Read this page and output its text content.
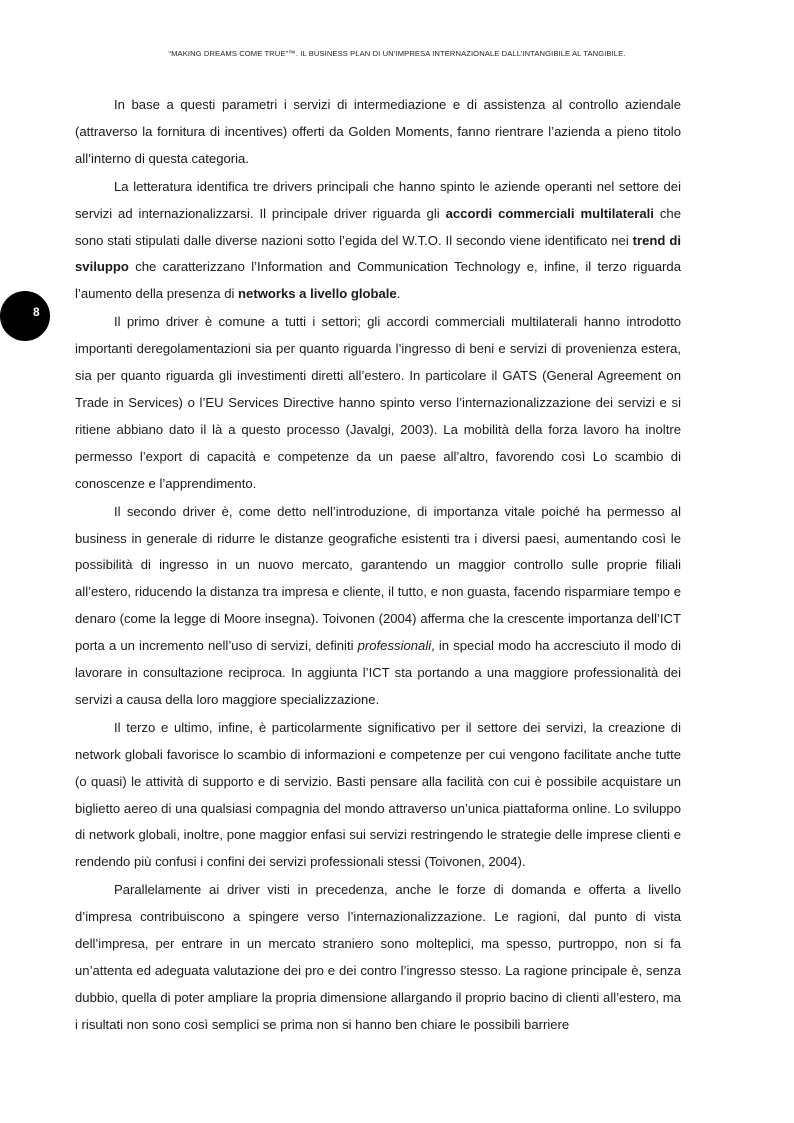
“MAKING DREAMS COME TRUE”™. IL BUSINESS PLAN DI UN’IMPRESA INTERNAZIONALE DALL’INTANGIBILE AL TANGIBILE.
8

In base a questi parametri i servizi di intermediazione e di assistenza al controllo aziendale (attraverso la fornitura di incentives) offerti da Golden Moments, fanno rientrare l’azienda a pieno titolo all’interno di questa categoria.

La letteratura identifica tre drivers principali che hanno spinto le aziende operanti nel settore dei servizi ad internazionalizzarsi. Il principale driver riguarda gli accordi commerciali multilaterali che sono stati stipulati dalle diverse nazioni sotto l’egida del W.T.O. Il secondo viene identificato nei trend di sviluppo che caratterizzano l’Information and Communication Technology e, infine, il terzo riguarda l’aumento della presenza di networks a livello globale.

Il primo driver è comune a tutti i settori; gli accordi commerciali multilaterali hanno introdotto importanti deregolamentazioni sia per quanto riguarda l’ingresso di beni e servizi di provenienza estera, sia per quanto riguarda gli investimenti diretti all’estero. In particolare il GATS (General Agreement on Trade in Services) o l’EU Services Directive hanno spinto verso l’internazionalizzazione dei servizi e si ritiene abbiano dato il là a questo processo (Javalgi, 2003). La mobilità della forza lavoro ha inoltre permesso l’export di capacità e competenze da un paese all’altro, favorendo così Lo scambio di conoscenze e l’apprendimento.

Il secondo driver è, come detto nell’introduzione, di importanza vitale poiché ha permesso al business in generale di ridurre le distanze geografiche esistenti tra i diversi paesi, aumentando così le possibilità di ingresso in un nuovo mercato, garantendo un maggior controllo sulle proprie filiali all’estero, riducendo la distanza tra impresa e cliente, il tutto, e non guasta, facendo risparmiare tempo e denaro (come la legge di Moore insegna). Toivonen (2004) afferma che la crescente importanza dell’ICT porta a un incremento nell’uso di servizi, definiti professionali, in special modo ha accresciuto il modo di lavorare in consultazione reciproca. In aggiunta l’ICT sta portando a una maggiore professionalità dei servizi a causa della loro maggiore specializzazione.

Il terzo e ultimo, infine, è particolarmente significativo per il settore dei servizi, la creazione di network globali favorisce lo scambio di informazioni e competenze per cui vengono facilitate anche tutte (o quasi) le attività di supporto e di servizio. Basti pensare alla facilità con cui è possibile acquistare un biglietto aereo di una qualsiasi compagnia del mondo attraverso un’unica piattaforma online. Lo sviluppo di network globali, inoltre, pone maggior enfasi sui servizi restringendo le strategie delle imprese clienti e rendendo più confusi i confini dei servizi professionali stessi (Toivonen, 2004).

Parallelamente ai driver visti in precedenza, anche le forze di domanda e offerta a livello d’impresa contribuiscono a spingere verso l’internazionalizzazione. Le ragioni, dal punto di vista dell’impresa, per entrare in un mercato straniero sono molteplici, ma spesso, purtroppo, non si fa un’attenta ed adeguata valutazione dei pro e dei contro l’ingresso stesso. La ragione principale è, senza dubbio, quella di poter ampliare la propria dimensione allargando il proprio bacino di clienti all’estero, ma i risultati non sono così semplici se prima non si hanno ben chiare le possibili barriere
